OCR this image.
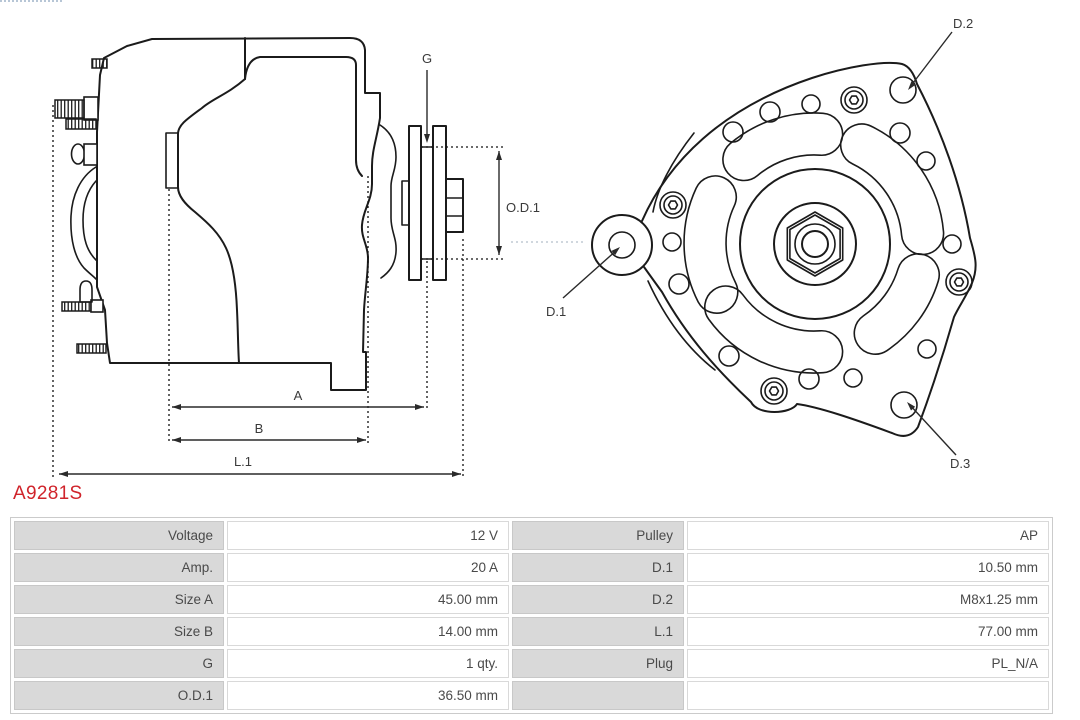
A
B
L.1
O.D.1
G
D.2
D.1
D.3
A9281S
Voltage	12 V	Pulley	AP
Amp.	20 A	D.1	10.50 mm
Size A	45.00 mm	D.2	M8x1.25 mm
Size B	14.00 mm	L.1	77.00 mm
G	1 qty.	Plug	PL_N/A
O.D.1	36.50 mm		
